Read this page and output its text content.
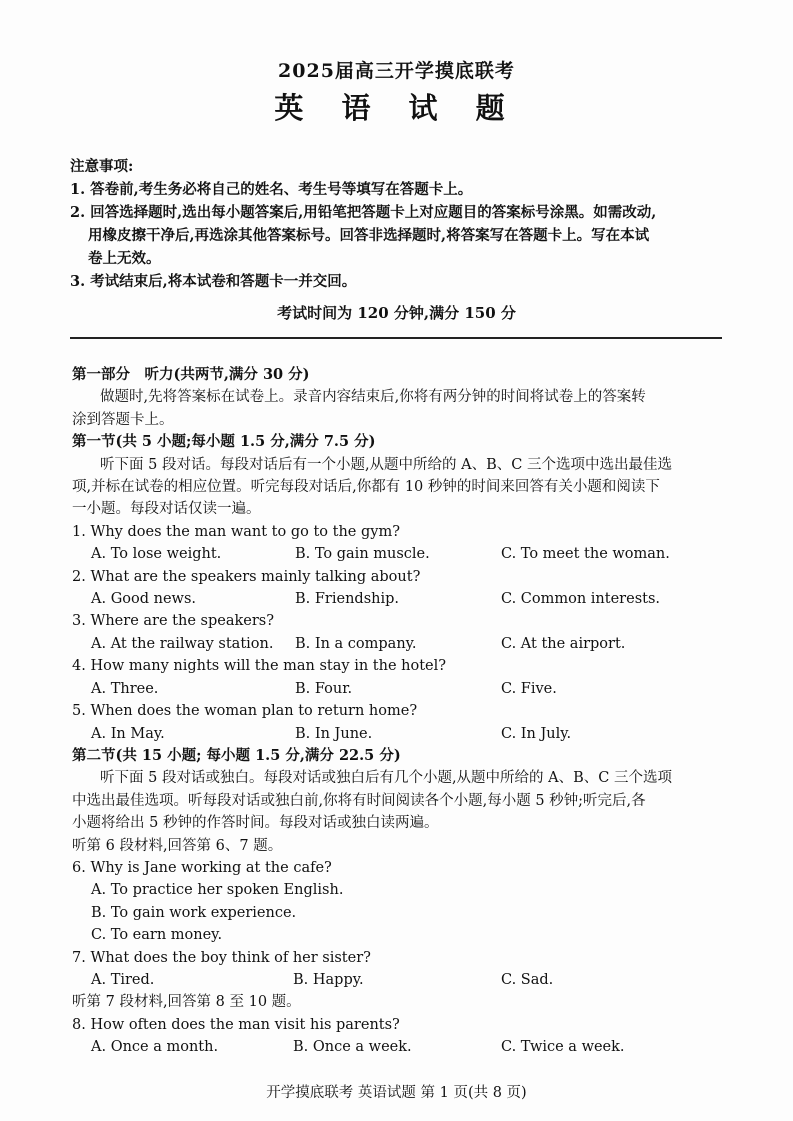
2025届高三开学摸底联考
英 语 试 题
注意事项:
1. 答卷前,考生务必将自己的姓名、考生号等填写在答题卡上。
2. 回答选择题时,选出每小题答案后,用铅笔把答题卡上对应题目的答案标号涂黑。如需改动,
用橡皮擦干净后,再选涂其他答案标号。回答非选择题时,将答案写在答题卡上。写在本试
卷上无效。
3. 考试结束后,将本试卷和答题卡一并交回。
考试时间为 120 分钟,满分 150 分
第一部分　听力(共两节,满分 30 分)
做题时,先将答案标在试卷上。录音内容结束后,你将有两分钟的时间将试卷上的答案转
涂到答题卡上。
第一节(共 5 小题;每小题 1.5 分,满分 7.5 分)
听下面 5 段对话。每段对话后有一个小题,从题中所给的 A、B、C 三个选项中选出最佳选
项,并标在试卷的相应位置。听完每段对话后,你都有 10 秒钟的时间来回答有关小题和阅读下
一小题。每段对话仅读一遍。
1. Why does the man want to go to the gym?
A. To lose weight.	B. To gain muscle.	C. To meet the woman.
2. What are the speakers mainly talking about?
A. Good news.	B. Friendship.	C. Common interests.
3. Where are the speakers?
A. At the railway station.	B. In a company.	C. At the airport.
4. How many nights will the man stay in the hotel?
A. Three.	B. Four.	C. Five.
5. When does the woman plan to return home?
A. In May.	B. In June.	C. In July.
第二节(共 15 小题; 每小题 1.5 分,满分 22.5 分)
听下面 5 段对话或独白。每段对话或独白后有几个小题,从题中所给的 A、B、C 三个选项
中选出最佳选项。听每段对话或独白前,你将有时间阅读各个小题,每小题 5 秒钟;听完后,各
小题将给出 5 秒钟的作答时间。每段对话或独白读两遍。
听第 6 段材料,回答第 6、7 题。
6. Why is Jane working at the cafe?
A. To practice her spoken English.
B. To gain work experience.
C. To earn money.
7. What does the boy think of her sister?
A. Tired.	B. Happy.	C. Sad.
听第 7 段材料,回答第 8 至 10 题。
8. How often does the man visit his parents?
A. Once a month.	B. Once a week.	C. Twice a week.
开学摸底联考 英语试题 第 1 页(共 8 页)
